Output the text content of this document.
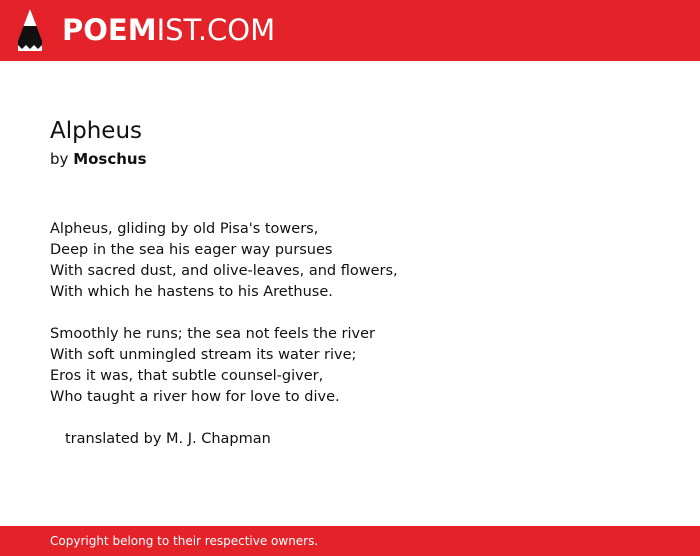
POEMIST.COM
Alpheus
by Moschus
Alpheus, gliding by old Pisa's towers,
Deep in the sea his eager way pursues
With sacred dust, and olive-leaves, and flowers,
With which he hastens to his Arethuse.
Smoothly he runs; the sea not feels the river
With soft unmingled stream its water rive;
Eros it was, that subtle counsel-giver,
Who taught a river how for love to dive.
translated by M. J. Chapman
Copyright belong to their respective owners.
